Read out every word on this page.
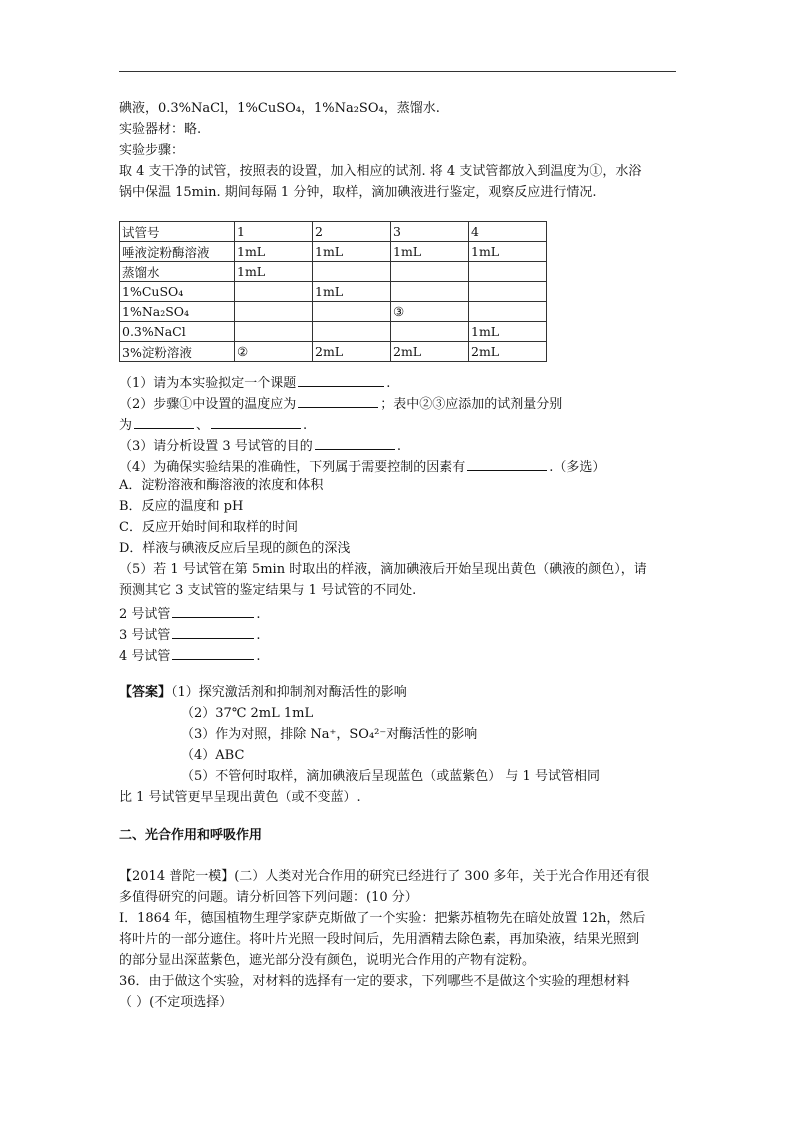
碘液，0.3%NaCl，1%CuSO₄，1%Na₂SO₄，蒸馏水.
实验器材：略.
实验步骤：
取 4 支干净的试管，按照表的设置，加入相应的试剂. 将 4 支试管都放入到温度为①，水浴
锅中保温 15min. 期间每隔 1 分钟，取样，滴加碘液进行鉴定，观察反应进行情况.
试管号	1	2	3	4
唾液淀粉酶溶液	1mL	1mL	1mL	1mL
蒸馏水	1mL			
1%CuSO₄		1mL		
1%Na₂SO₄			③	
0.3%NaCl				1mL
3%淀粉溶液	②	2mL	2mL	2mL
（1）请为本实验拟定一个课题	.
（2）步骤①中设置的温度应为	；表中②③应添加的试剂量分别
为	、	.
（3）请分析设置 3 号试管的目的	.
（4）为确保实验结果的准确性，下列属于需要控制的因素有	.（多选）
A．淀粉溶液和酶溶液的浓度和体积
B．反应的温度和 pH
C．反应开始时间和取样的时间
D．样液与碘液反应后呈现的颜色的深浅
（5）若 1 号试管在第 5min 时取出的样液，滴加碘液后开始呈现出黄色（碘液的颜色），请
预测其它 3 支试管的鉴定结果与 1 号试管的不同处.
2 号试管	.
3 号试管	.
4 号试管	.
【答案】（1）探究激活剂和抑制剂对酶活性的影响
（2）37℃ 2mL 1mL
（3）作为对照，排除 Na⁺，SO₄²⁻对酶活性的影响
（4）ABC
（5）不管何时取样，滴加碘液后呈现蓝色（或蓝紫色） 与 1 号试管相同
比 1 号试管更早呈现出黄色（或不变蓝）.
二、光合作用和呼吸作用
【2014 普陀一模】(二）人类对光合作用的研究已经进行了 300 多年，关于光合作用还有很
多值得研究的问题。请分析回答下列问题：(10 分）
Ⅰ．1864 年，德国植物生理学家萨克斯做了一个实验：把紫苏植物先在暗处放置 12h，然后
将叶片的一部分遮住。将叶片光照一段时间后，先用酒精去除色素，再加染液，结果光照到
的部分显出深蓝紫色，遮光部分没有颜色，说明光合作用的产物有淀粉。
36．由于做这个实验，对材料的选择有一定的要求，下列哪些不是做这个实验的理想材料
（ ）(不定项选择）
